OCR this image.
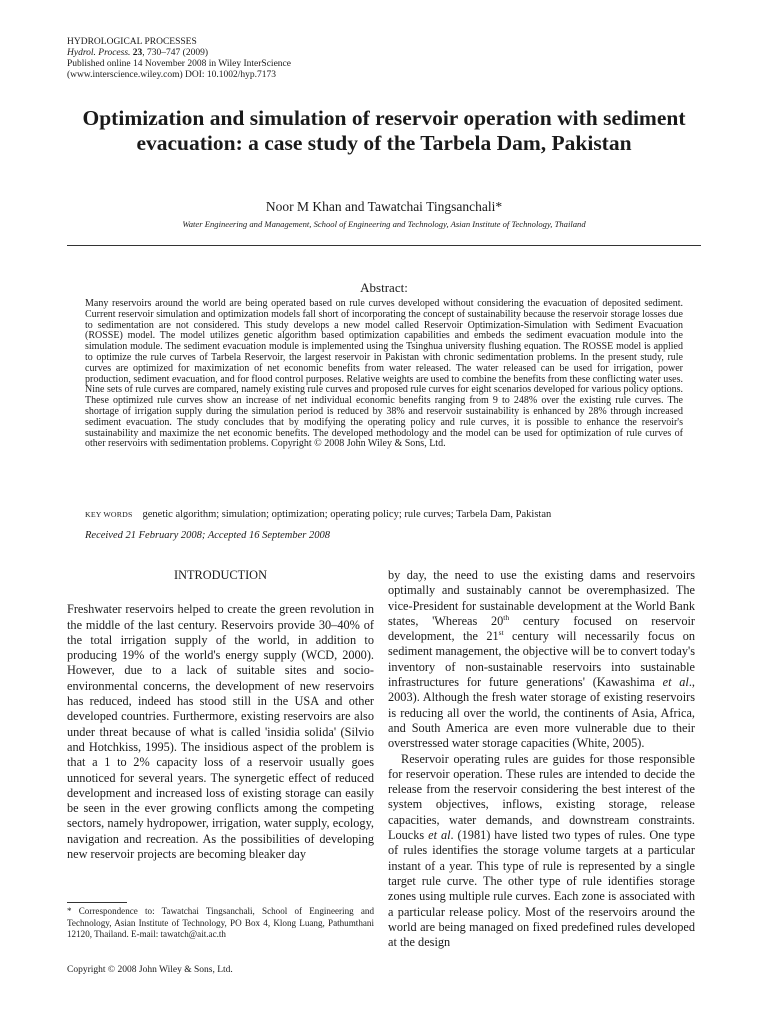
HYDROLOGICAL PROCESSES
Hydrol. Process. 23, 730–747 (2009)
Published online 14 November 2008 in Wiley InterScience
(www.interscience.wiley.com) DOI: 10.1002/hyp.7173
Optimization and simulation of reservoir operation with sediment evacuation: a case study of the Tarbela Dam, Pakistan
Noor M Khan and Tawatchai Tingsanchali*
Water Engineering and Management, School of Engineering and Technology, Asian Institute of Technology, Thailand
Abstract:
Many reservoirs around the world are being operated based on rule curves developed without considering the evacuation of deposited sediment. Current reservoir simulation and optimization models fall short of incorporating the concept of sustainability because the reservoir storage losses due to sedimentation are not considered. This study develops a new model called Reservoir Optimization-Simulation with Sediment Evacuation (ROSSE) model. The model utilizes genetic algorithm based optimization capabilities and embeds the sediment evacuation module into the simulation module. The sediment evacuation module is implemented using the Tsinghua university flushing equation. The ROSSE model is applied to optimize the rule curves of Tarbela Reservoir, the largest reservoir in Pakistan with chronic sedimentation problems. In the present study, rule curves are optimized for maximization of net economic benefits from water released. The water released can be used for irrigation, power production, sediment evacuation, and for flood control purposes. Relative weights are used to combine the benefits from these conflicting water uses. Nine sets of rule curves are compared, namely existing rule curves and proposed rule curves for eight scenarios developed for various policy options. These optimized rule curves show an increase of net individual economic benefits ranging from 9 to 248% over the existing rule curves. The shortage of irrigation supply during the simulation period is reduced by 38% and reservoir sustainability is enhanced by 28% through increased sediment evacuation. The study concludes that by modifying the operating policy and rule curves, it is possible to enhance the reservoir's sustainability and maximize the net economic benefits. The developed methodology and the model can be used for optimization of rule curves of other reservoirs with sedimentation problems. Copyright © 2008 John Wiley & Sons, Ltd.
KEY WORDS genetic algorithm; simulation; optimization; operating policy; rule curves; Tarbela Dam, Pakistan
Received 21 February 2008; Accepted 16 September 2008
INTRODUCTION

Freshwater reservoirs helped to create the green revolution in the middle of the last century. Reservoirs provide 30–40% of the total irrigation supply of the world, in addition to producing 19% of the world's energy supply (WCD, 2000). However, due to a lack of suitable sites and socio-environmental concerns, the development of new reservoirs has reduced, indeed has stood still in the USA and other developed countries. Furthermore, existing reservoirs are also under threat because of what is called 'insidia solida' (Silvio and Hotchkiss, 1995). The insidious aspect of the problem is that a 1 to 2% capacity loss of a reservoir usually goes unnoticed for several years. The synergetic effect of reduced development and increased loss of existing storage can easily be seen in the ever growing conflicts among the competing sectors, namely hydropower, irrigation, water supply, ecology, navigation and recreation. As the possibilities of developing new reservoir projects are becoming bleaker day

by day, the need to use the existing dams and reservoirs optimally and sustainably cannot be overemphasized. The vice-President for sustainable development at the World Bank states, 'Whereas 20th century focused on reservoir development, the 21st century will necessarily focus on sediment management, the objective will be to convert today's inventory of non-sustainable reservoirs into sustainable infrastructures for future generations' (Kawashima et al., 2003). Although the fresh water storage of existing reservoirs is reducing all over the world, the continents of Asia, Africa, and South America are even more vulnerable due to their overstressed water storage capacities (White, 2005).

Reservoir operating rules are guides for those responsible for reservoir operation. These rules are intended to decide the release from the reservoir considering the best interest of the system objectives, inflows, existing storage, release capacities, water demands, and downstream constraints. Loucks et al. (1981) have listed two types of rules. One type of rules identifies the storage volume targets at a particular instant of a year. This type of rule is represented by a single target rule curve. The other type of rule identifies storage zones using multiple rule curves. Each zone is associated with a particular release policy. Most of the reservoirs around the world are being managed on fixed predefined rules developed at the design

* Correspondence to: Tawatchai Tingsanchali, School of Engineering and Technology, Asian Institute of Technology, PO Box 4, Klong Luang, Pathumthani 12120, Thailand. E-mail: tawatch@ait.ac.th
Copyright © 2008 John Wiley & Sons, Ltd.
